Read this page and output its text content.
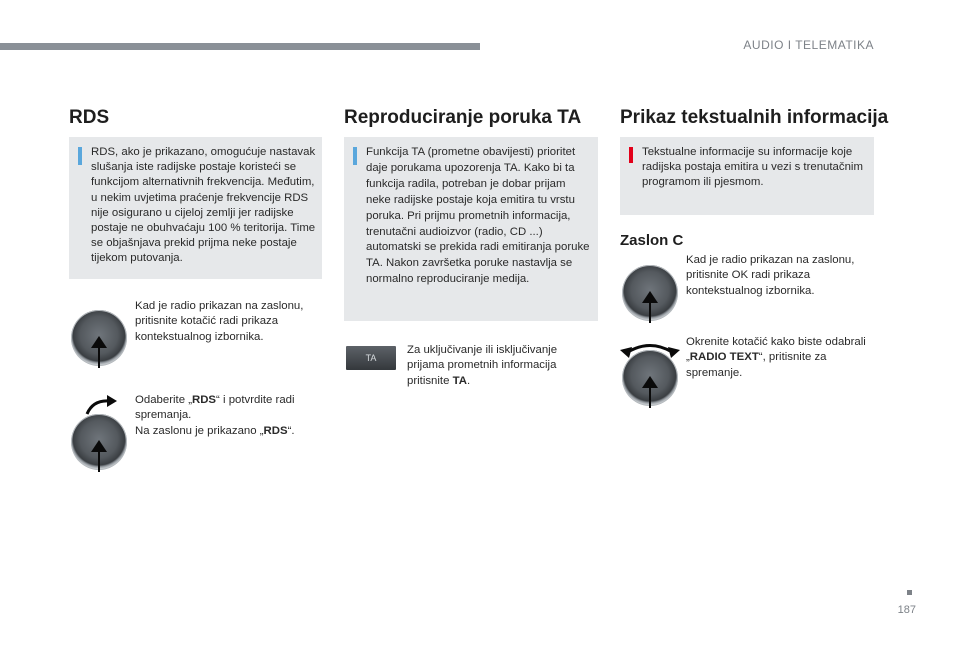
AUDIO I TELEMATIKA
RDS
RDS, ako je prikazano, omogućuje nastavak slušanja iste radijske postaje koristeći se funkcijom alternativnih frekvencija. Međutim, u nekim uvjetima praćenje frekvencije RDS nije osigurano u cijeloj zemlji jer radijske postaje ne obuhvaćaju 100 % teritorija. Time se objašnjava prekid prijma neke postaje tijekom putovanja.
Kad je radio prikazan na zaslonu, pritisnite kotačić radi prikaza kontekstualnog izbornika.
Odaberite „RDS“ i potvrdite radi spremanja.
Na zaslonu je prikazano „RDS“.
Reproduciranje poruka TA
Funkcija TA (prometne obavijesti) prioritet daje porukama upozorenja TA. Kako bi ta funkcija radila, potreban je dobar prijam neke radijske postaje koja emitira tu vrstu poruka. Pri prijmu prometnih informacija, trenutačni audioizvor (radio, CD ...) automatski se prekida radi emitiranja poruke TA. Nakon završetka poruke nastavlja se normalno reproduciranje medija.
TA
Za uključivanje ili isključivanje prijama prometnih informacija pritisnite TA.
Prikaz tekstualnih informacija
Tekstualne informacije su informacije koje radijska postaja emitira u vezi s trenutačnim programom ili pjesmom.
Zaslon C
Kad je radio prikazan na zaslonu, pritisnite OK radi prikaza kontekstualnog izbornika.
Okrenite kotačić kako biste odabrali „RADIO TEXT“, pritisnite za spremanje.
187
